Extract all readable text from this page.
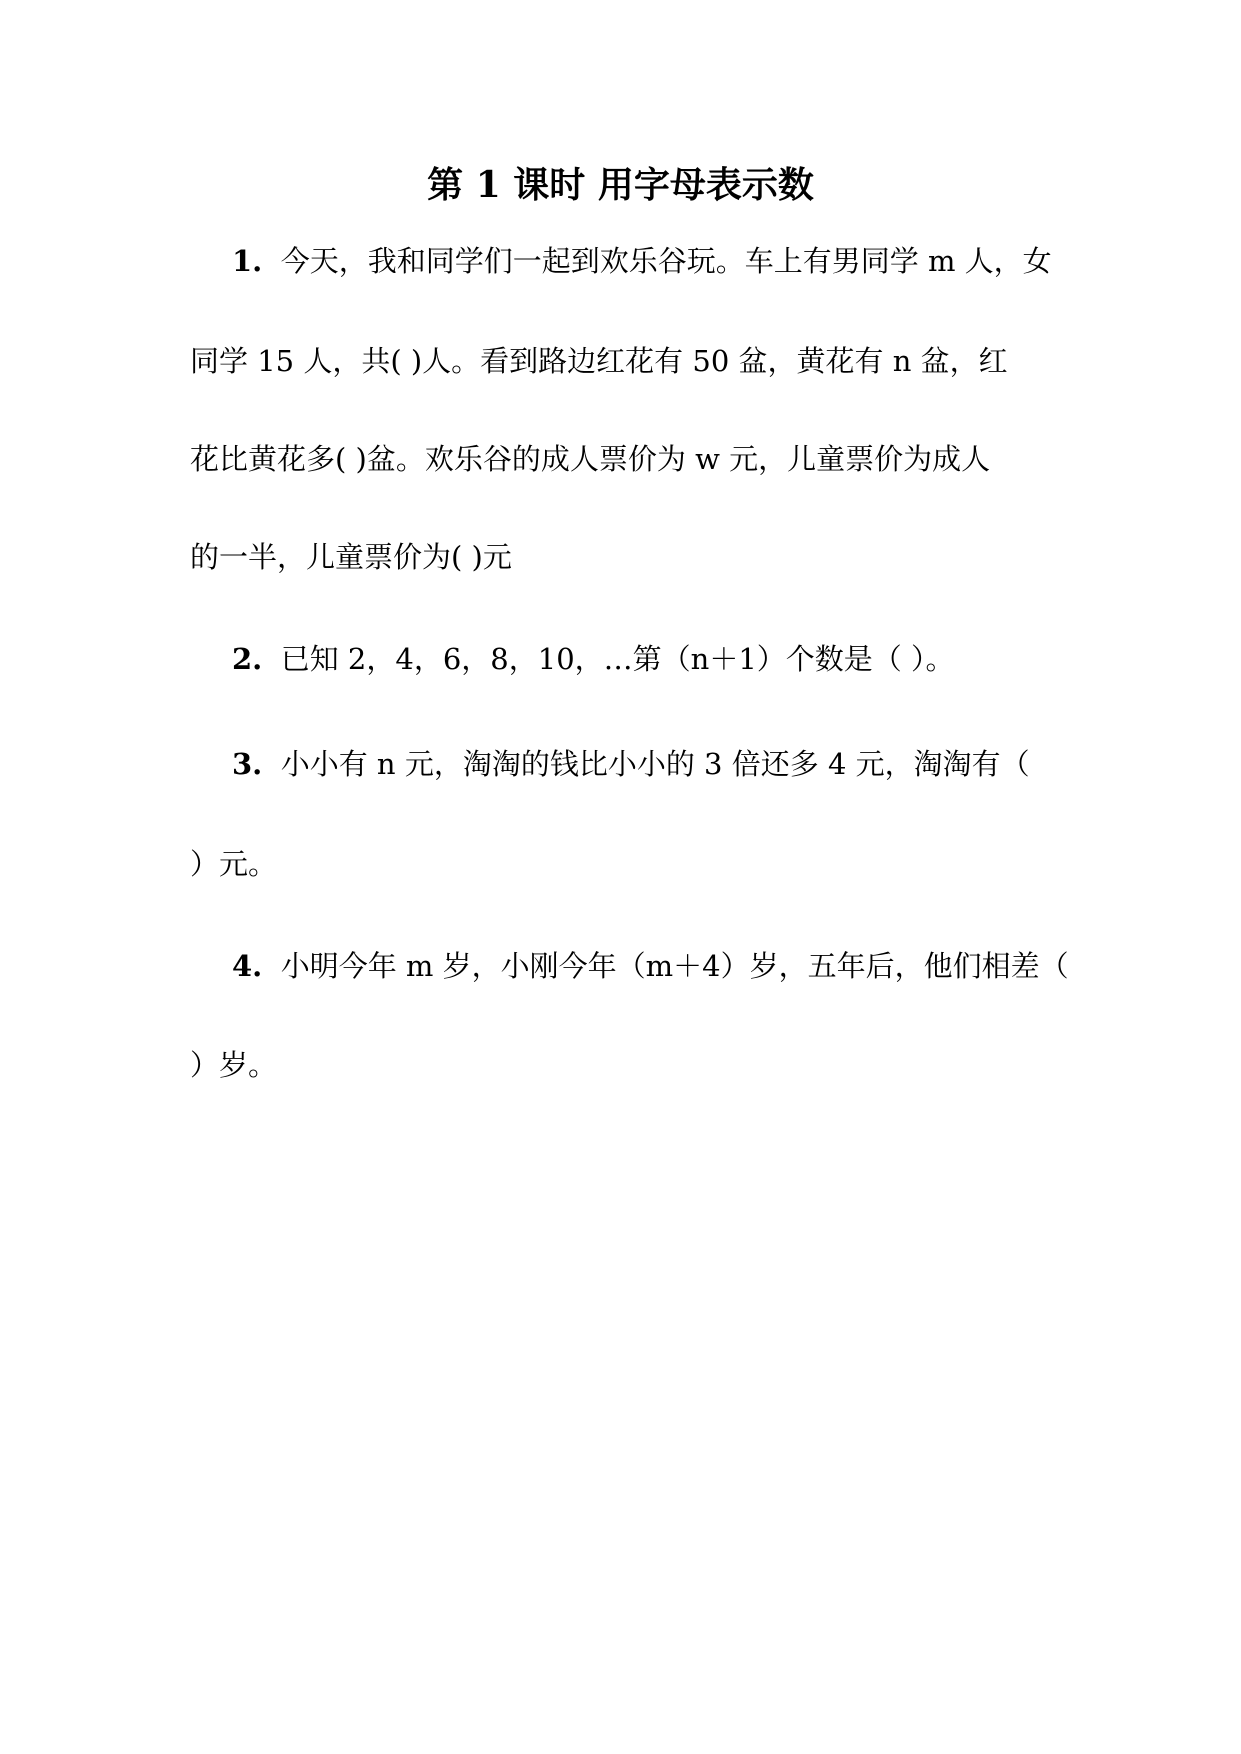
第 1 课时 用字母表示数
1. 今天，我和同学们一起到欢乐谷玩。车上有男同学 m 人，女
同学 15 人，共( )人。看到路边红花有 50 盆，黄花有 n 盆，红
花比黄花多( )盆。欢乐谷的成人票价为 w 元，儿童票价为成人
的一半，儿童票价为( )元
2. 已知 2，4，6，8，10，…第（n＋1）个数是（ ）。
3. 小小有 n 元，淘淘的钱比小小的 3 倍还多 4 元，淘淘有（
）元。
4. 小明今年 m 岁，小刚今年（m＋4）岁，五年后，他们相差（
）岁。
